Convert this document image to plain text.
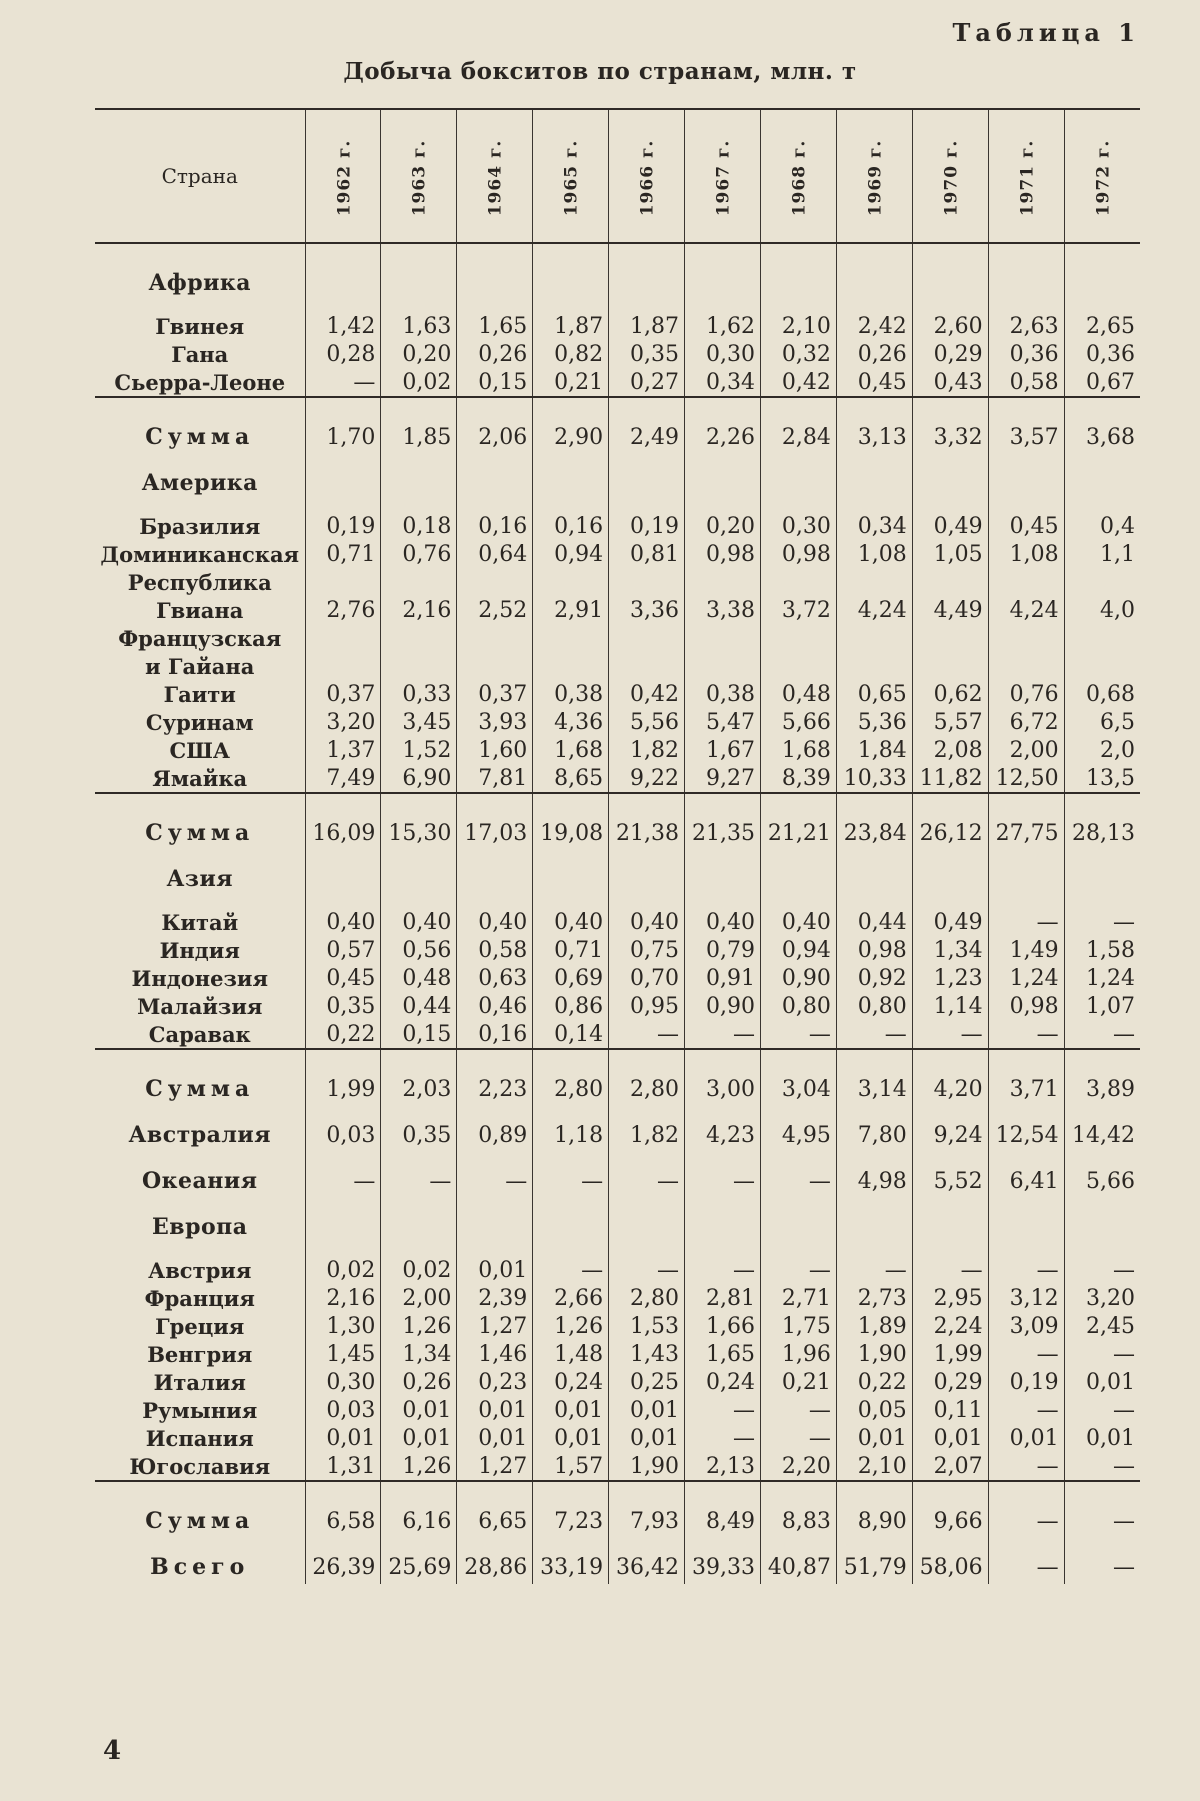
Таблица 1
Добыча бокситов по странам, млн. т
Страна	1962 г.	1963 г.	1964 г.	1965 г.	1966 г.	1967 г.	1968 г.	1969 г.	1970 г.	1971 г.	1972 г.

Африка											

Гвинея	1,42	1,63	1,65	1,87	1,87	1,62	2,10	2,42	2,60	2,63	2,65
Гана	0,28	0,20	0,26	0,82	0,35	0,30	0,32	0,26	0,29	0,36	0,36
Сьерра-Леоне	—	0,02	0,15	0,21	0,27	0,34	0,42	0,45	0,43	0,58	0,67

Сумма	1,70	1,85	2,06	2,90	2,49	2,26	2,84	3,13	3,32	3,57	3,68

Америка											

Бразилия	0,19	0,18	0,16	0,16	0,19	0,20	0,30	0,34	0,49	0,45	0,4
Доминиканская	0,71	0,76	0,64	0,94	0,81	0,98	0,98	1,08	1,05	1,08	1,1
Республика											
Гвиана	2,76	2,16	2,52	2,91	3,36	3,38	3,72	4,24	4,49	4,24	4,0
Французская											
и Гайана											
Гаити	0,37	0,33	0,37	0,38	0,42	0,38	0,48	0,65	0,62	0,76	0,68
Суринам	3,20	3,45	3,93	4,36	5,56	5,47	5,66	5,36	5,57	6,72	6,5
США	1,37	1,52	1,60	1,68	1,82	1,67	1,68	1,84	2,08	2,00	2,0
Ямайка	7,49	6,90	7,81	8,65	9,22	9,27	8,39	10,33	11,82	12,50	13,5

Сумма	16,09	15,30	17,03	19,08	21,38	21,35	21,21	23,84	26,12	27,75	28,13

Азия											

Китай	0,40	0,40	0,40	0,40	0,40	0,40	0,40	0,44	0,49	—	—
Индия	0,57	0,56	0,58	0,71	0,75	0,79	0,94	0,98	1,34	1,49	1,58
Индонезия	0,45	0,48	0,63	0,69	0,70	0,91	0,90	0,92	1,23	1,24	1,24
Малайзия	0,35	0,44	0,46	0,86	0,95	0,90	0,80	0,80	1,14	0,98	1,07
Саравак	0,22	0,15	0,16	0,14	—	—	—	—	—	—	—

Сумма	1,99	2,03	2,23	2,80	2,80	3,00	3,04	3,14	4,20	3,71	3,89

Австралия	0,03	0,35	0,89	1,18	1,82	4,23	4,95	7,80	9,24	12,54	14,42

Океания	—	—	—	—	—	—	—	4,98	5,52	6,41	5,66

Европа											

Австрия	0,02	0,02	0,01	—	—	—	—	—	—	—	—
Франция	2,16	2,00	2,39	2,66	2,80	2,81	2,71	2,73	2,95	3,12	3,20
Греция	1,30	1,26	1,27	1,26	1,53	1,66	1,75	1,89	2,24	3,09	2,45
Венгрия	1,45	1,34	1,46	1,48	1,43	1,65	1,96	1,90	1,99	—	—
Италия	0,30	0,26	0,23	0,24	0,25	0,24	0,21	0,22	0,29	0,19	0,01
Румыния	0,03	0,01	0,01	0,01	0,01	—	—	0,05	0,11	—	—
Испания	0,01	0,01	0,01	0,01	0,01	—	—	0,01	0,01	0,01	0,01
Югославия	1,31	1,26	1,27	1,57	1,90	2,13	2,20	2,10	2,07	—	—

Сумма	6,58	6,16	6,65	7,23	7,93	8,49	8,83	8,90	9,66	—	—

Всего	26,39	25,69	28,86	33,19	36,42	39,33	40,87	51,79	58,06	—	—
4
